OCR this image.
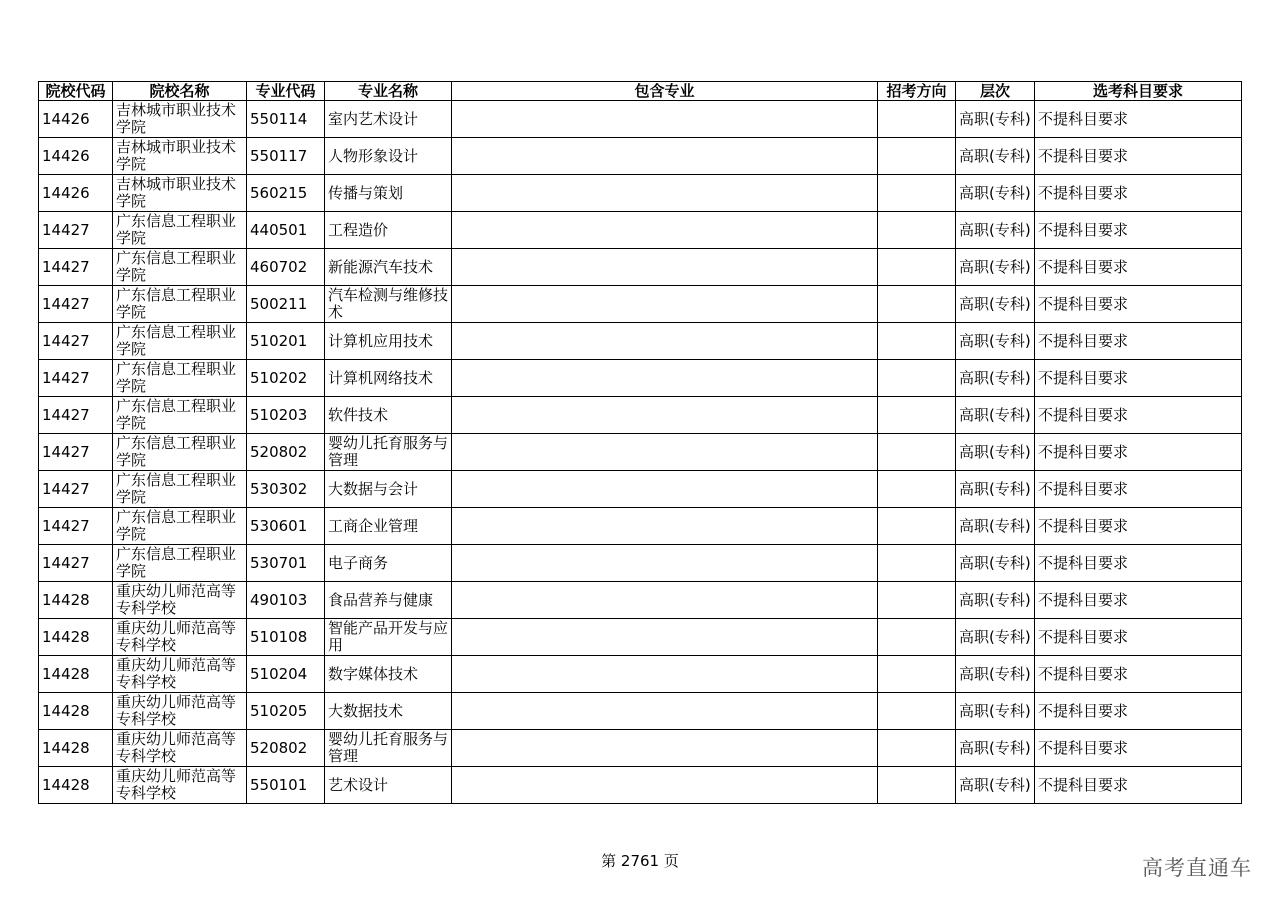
院校代码	院校名称	专业代码	专业名称	包含专业	招考方向	层次	选考科目要求
14426	吉林城市职业技术学院	550114	室内艺术设计			高职(专科)	不提科目要求
14426	吉林城市职业技术学院	550117	人物形象设计			高职(专科)	不提科目要求
14426	吉林城市职业技术学院	560215	传播与策划			高职(专科)	不提科目要求
14427	广东信息工程职业学院	440501	工程造价			高职(专科)	不提科目要求
14427	广东信息工程职业学院	460702	新能源汽车技术			高职(专科)	不提科目要求
14427	广东信息工程职业学院	500211	汽车检测与维修技术			高职(专科)	不提科目要求
14427	广东信息工程职业学院	510201	计算机应用技术			高职(专科)	不提科目要求
14427	广东信息工程职业学院	510202	计算机网络技术			高职(专科)	不提科目要求
14427	广东信息工程职业学院	510203	软件技术			高职(专科)	不提科目要求
14427	广东信息工程职业学院	520802	婴幼儿托育服务与管理			高职(专科)	不提科目要求
14427	广东信息工程职业学院	530302	大数据与会计			高职(专科)	不提科目要求
14427	广东信息工程职业学院	530601	工商企业管理			高职(专科)	不提科目要求
14427	广东信息工程职业学院	530701	电子商务			高职(专科)	不提科目要求
14428	重庆幼儿师范高等专科学校	490103	食品营养与健康			高职(专科)	不提科目要求
14428	重庆幼儿师范高等专科学校	510108	智能产品开发与应用			高职(专科)	不提科目要求
14428	重庆幼儿师范高等专科学校	510204	数字媒体技术			高职(专科)	不提科目要求
14428	重庆幼儿师范高等专科学校	510205	大数据技术			高职(专科)	不提科目要求
14428	重庆幼儿师范高等专科学校	520802	婴幼儿托育服务与管理			高职(专科)	不提科目要求
14428	重庆幼儿师范高等专科学校	550101	艺术设计			高职(专科)	不提科目要求
第 2761 页	高考直通车
